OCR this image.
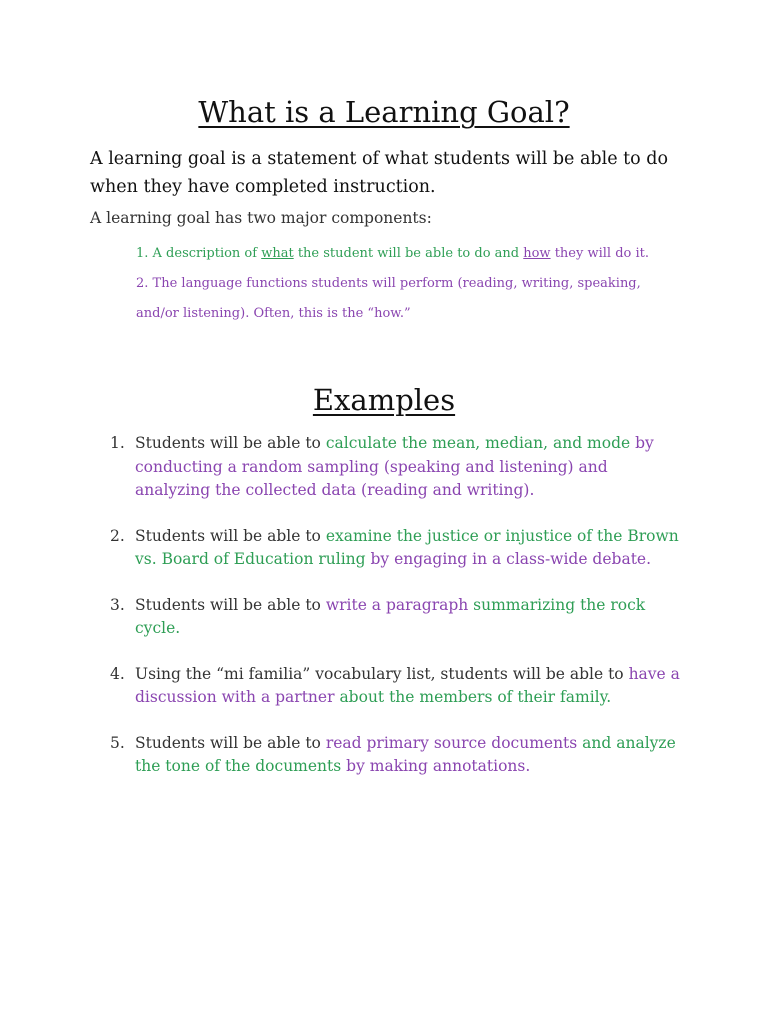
What is a Learning Goal?

A learning goal is a statement of what students will be able to do when they have completed instruction.

A learning goal has two major components:

1. A description of what the student will be able to do and how they will do it.
2. The language functions students will perform (reading, writing, speaking, and/or listening). Often, this is the “how.”
Examples
1. Students will be able to calculate the mean, median, and mode by conducting a random sampling (speaking and listening) and analyzing the collected data (reading and writing).
2. Students will be able to examine the justice or injustice of the Brown vs. Board of Education ruling by engaging in a class-wide debate.
3. Students will be able to write a paragraph summarizing the rock cycle.
4. Using the “mi familia” vocabulary list, students will be able to have a discussion with a partner about the members of their family.
5. Students will be able to read primary source documents and analyze the tone of the documents by making annotations.
